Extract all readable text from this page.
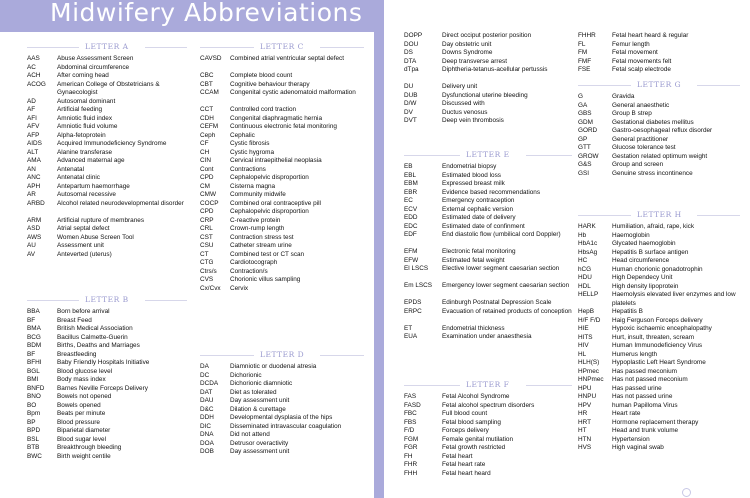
Midwifery Abbreviations
LETTER A
AAS	Abuse Assessment Screen
AC	Abdominal circumference
ACH	After coming head
ACOG American College of Obstetricians & Gynaecologist
AD	Autosomal dominant
AF	Artificial feeding
AFI	Amniotic fluid index
AFV	Amniotic fluid volume
AFP	Alpha-fetoprotein
AIDS Acquired Immunodeficiency Syndrome
ALT	Alanine transferase
AMA	Advanced maternal age
AN	Antenatal
ANC	Antenatal clinic
APH	Antepartum haemorrhage
AR	Autosomal recessive
ARBD Alcohol related neurodevelopmental disorder
ARM Artificial rupture of membranes
ASD	Atrial septal defect
AWS Women Abuse Screen Tool
AU	Assessment unit
AV	Anteverted (uterus)
LETTER B
BBA	Born before arrival
BF	Breast Feed
BMA	British Medical Association
BCG	Bacillus Calmette-Guerin
BDM Births, Deaths and Marriages
BF	Breastfeeding
BFHI Baby Friendly Hospitals Initiative
BGL	Blood glucose level
BMI	Body mass index
BNFD Barnes Neville Forceps Delivery
BNO	Bowels not opened
BO	Bowels opened
Bpm	Beats per minute
BP	Blood pressure
BPD	Biparietal diameter
BSL	Blood sugar level
BTB	Breakthrough bleeding
BWC Birth weight centile
LETTER C
CAVSD Combined atrial ventricular septal defect
CBC	Complete blood count
CBT	Cognitive behaviour therapy
CCAM Congenital cystic adenomatoid malformation
CCT	Controlled cord traction
CDH	Congenital diaphragmatic hernia
CEFM Continuous electronic fetal monitoring
Ceph Cephalic
CF	Cystic fibrosis
CH	Cystic hygroma
CIN	Cervical intraepithelial neoplasia
Cont	Contractions
CPD	Cephalopelvic disproportion
CM	Cisterna magna
CMW Community midwife
COCP Combined oral contraceptive pill
CPD	Cephalopelvic disproportion
CRP	C-reactive protein
CRL	Crown-rump length
CST	Contraction stress test
CSU	Catheter stream urine
CT	Combined test or CT scan
CTG	Cardiotocograph
Ctrs/s Contraction/s
CVS	Chorionic villus sampling
Cx/Cvx Cervix
LETTER D
DA	Diamniotic or duodenal atresia
DC	Dichorionic
DCDA Dichorionic diamniotic
DAT	Diet as tolerated
DAU	Day assessment unit
D&C	Dilation & curettage
DDH	Developmental dysplasia of the hips
DIC	Disseminated intravascular coagulation
DNA	Did not attend
DOA	Detrusor overactivity
DOB	Day assessment unit
DOPP	Direct occiput posterior position
DOU	Day obstetric unit
DS	Downs Syndrome
DTA	Deep transverse arrest
dTpa	Diphtheria-tetanus-acellular pertussis
DU	Delivery unit
DUB	Dysfunctional uterine bleeding
D/W	Discussed with
DV	Ductus venosus
DVT	Deep vein thrombosis
LETTER E
EB	Endometrial biopsy
EBL	Estimated blood loss
EBM	Expressed breast milk
EBR	Evidence based recommendations
EC	Emergency contraception
ECV	External cephalic version
EDD	Estimated date of delivery
EDC	Estimated date of confinment
EDF	End diastolic flow (umbilical cord Doppler)
EFM	Electronic fetal monitoring
EFW	Estimated fetal weight
El LSCS Elective lower segment caesarian section
Em LSCS Emergency lower segment caesarian section
EPDS	Edinburgh Postnatal Depression Scale
ERPC	Evacuation of retained products of conception
ET	Endometrial thickness
EUA	Examination under anaesthesia
LETTER F
FAS	Fetal Alcohol Syndrome
FASD	Fetal alcohol spectrum disorders
FBC	Full blood count
FBS	Fetal blood sampling
F/D	Forceps delivery
FGM	Female genital mutilation
FGR	Fetal growth restricted
FH	Fetal heart
FHR	Fetal heart rate
FHH	Fetal heart heard
FHHR	Fetal heart heard & regular
FL	Femur length
FM	Fetal movement
FMF	Fetal movements felt
FSE	Fetal scalp electrode
LETTER G
G	Gravida
GA	General anaesthetic
GBS	Group B strep
GDM	Gestational diabetes mellitus
GORD Gastro-oesophageal reflux disorder
GP	General practitioner
GTT	Glucose tolerance test
GROW Gestation related optimum weight
G&S	Group and screen
GSI	Genuine stress incontinence
LETTER H
HARK	Humiliation, afraid, rape, kick
Hb	Haemoglobin
HbA1c Glycated haemoglobin
HbsAg Hepatitis B surface antigen
HC	Head circumference
hCG	Human chorionic gonadotrophin
HDU	High Dependecy Unit
HDL	High density lipoprotein
HELLP Haemolysis elevated liver enzymes and low platelets
HepB	Hepatitis B
H/F F/D Haig Ferguson Forceps delivery
HIE	Hypoxic ischaemic encephalopathy
HITS	Hurt, insult, threaten, scream
HIV	Human Immunodeficiency Virus
HL	Humerus length
HLH(S) Hypoplastic Left Heart Syndrome
HPmec Has passed meconium
HNPmec Has not passed meconium
HPU	Has passed urine
HNPU Has not passed urine
HPV	human Papilloma Virus
HR	Heart rate
HRT	Hormone replacement therapy
HT	Head and trunk volume
HTN	Hypertension
HVS	High vaginal swab
